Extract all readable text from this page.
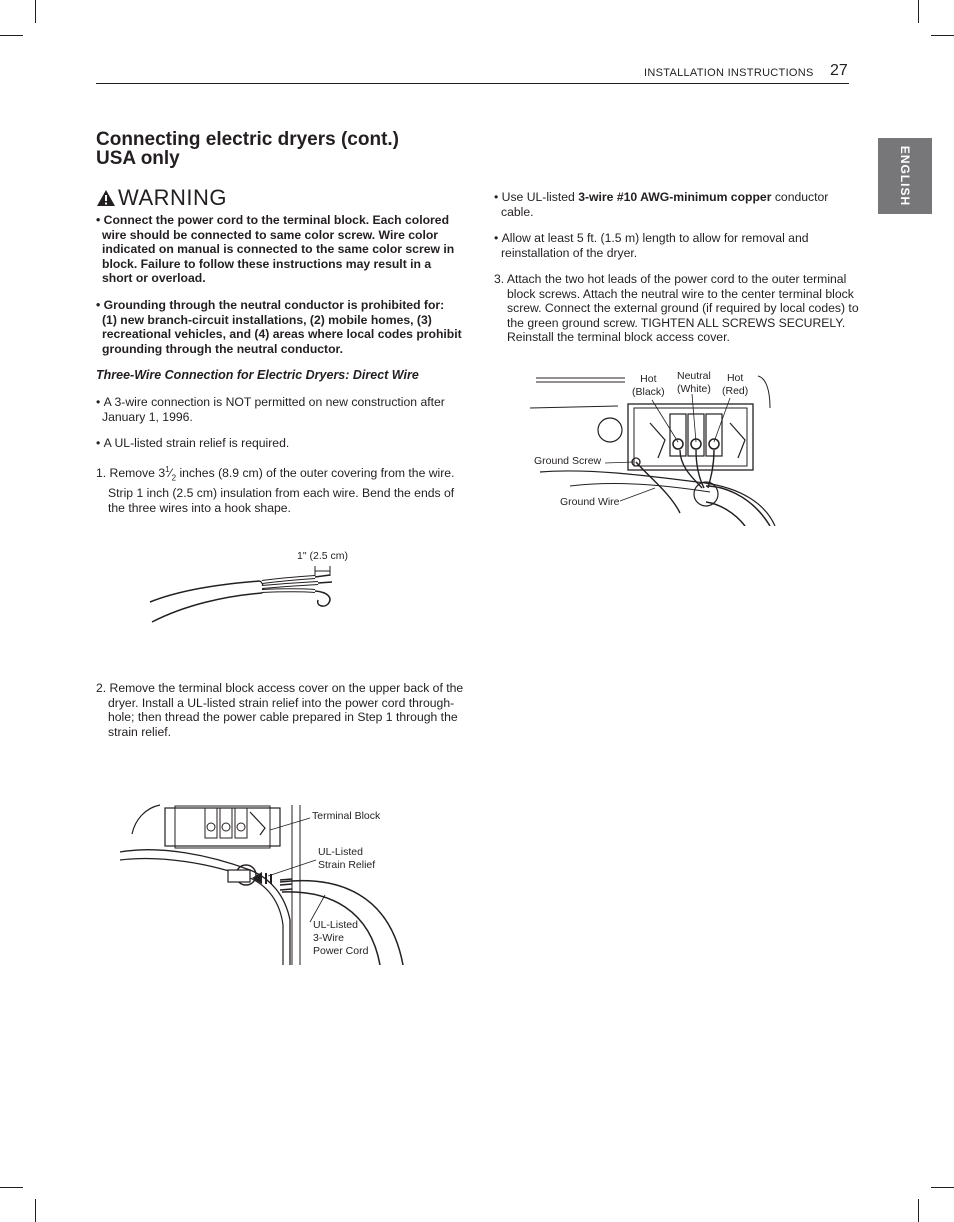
INSTALLATION INSTRUCTIONS 27
ENGLISH
Connecting electric dryers (cont.)
USA only
WARNING
• Connect the power cord to the terminal block. Each colored wire should be connected to same color screw. Wire color indicated on manual is connected to the same color screw in block. Failure to follow these instructions may result in a short or overload.
• Grounding through the neutral conductor is prohibited for: (1) new branch-circuit installations, (2) mobile homes, (3) recreational vehicles, and (4) areas where local codes prohibit grounding through the neutral conductor.
Three-Wire Connection for Electric Dryers: Direct Wire
• A 3-wire connection is NOT permitted on new construction after January 1, 1996.
• A UL-listed strain relief is required.
1. Remove $3^1⁄_2$ inches (8.9 cm) of the outer covering from the wire. Strip 1 inch (2.5 cm) insulation from each wire. Bend the ends of the three wires into a hook shape.
1" (2.5 cm)
2. Remove the terminal block access cover on the upper back of the dryer. Install a UL-listed strain relief into the power cord through-hole; then thread the power cable prepared in Step 1 through the strain relief.
Terminal Block
UL-Listed
Strain Relief
UL-Listed
3-Wire
Power Cord
• Use UL-listed 3-wire #10 AWG-minimum copper conductor cable.
• Allow at least 5 ft. (1.5 m) length to allow for removal and reinstallation of the dryer.
3. Attach the two hot leads of the power cord to the outer terminal block screws. Attach the neutral wire to the center terminal block screw. Connect the external ground (if required by local codes) to the green ground screw. TIGHTEN ALL SCREWS SECURELY. Reinstall the terminal block access cover.
Hot
(Black)
Neutral
(White)
Hot
(Red)
Ground Screw
Ground Wire
